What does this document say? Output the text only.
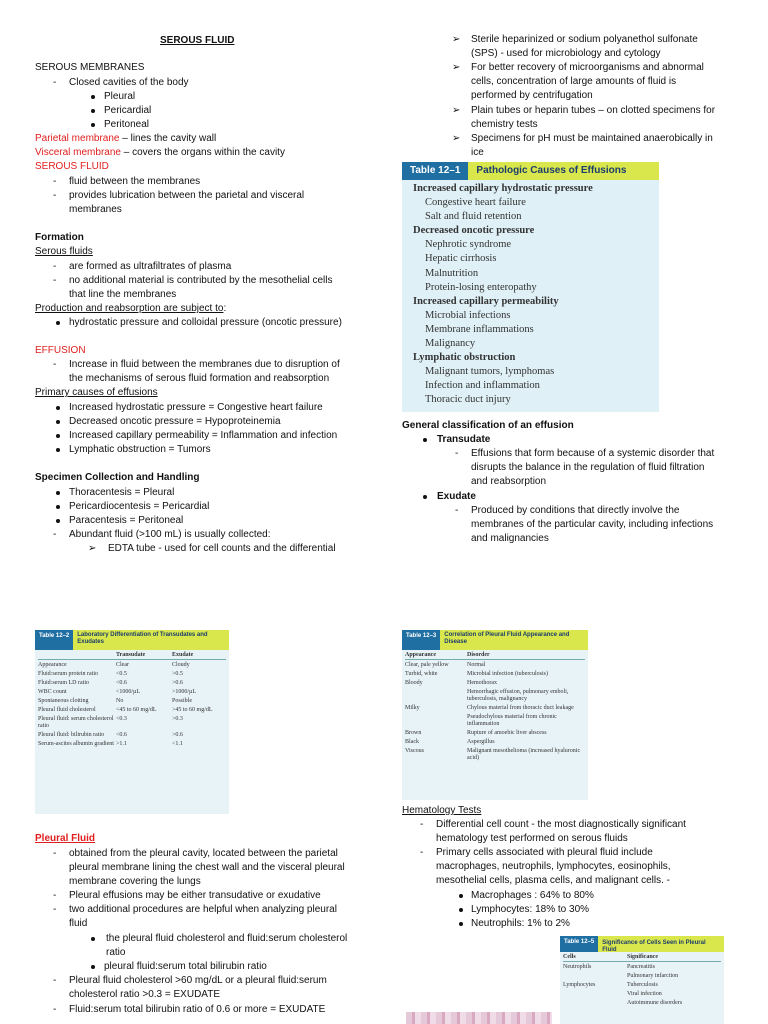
SEROUS FLUID
SEROUS MEMBRANES
- Closed cavities of the body
Pleural
Pericardial
Peritoneal
Parietal membrane – lines the cavity wall
Visceral membrane – covers the organs within the cavity
SEROUS FLUID
- fluid between the membranes
- provides lubrication between the parietal and visceral
membranes
Formation
Serous fluids
- are formed as ultrafiltrates of plasma
- no additional material is contributed by the mesothelial cells
that line the membranes
Production and reabsorption are subject to:
hydrostatic pressure and colloidal pressure (oncotic pressure)
EFFUSION
- Increase in fluid between the membranes due to disruption of
the mechanisms of serous fluid formation and reabsorption
Primary causes of effusions
Increased hydrostatic pressure = Congestive heart failure
Decreased oncotic pressure = Hypoproteinemia
Increased capillary permeability = Inflammation and infection
Lymphatic obstruction = Tumors
Specimen Collection and Handling
Thoracentesis = Pleural
Pericardiocentesis = Pericardial
Paracentesis = Peritoneal
- Abundant fluid (>100 mL) is usually collected:
➢ EDTA tube - used for cell counts and the differential
➢ Sterile heparinized or sodium polyanethol sulfonate
(SPS) - used for microbiology and cytology
➢ For better recovery of microorganisms and abnormal
cells, concentration of large amounts of fluid is
performed by centrifugation
➢ Plain tubes or heparin tubes – on clotted specimens for
chemistry tests
➢ Specimens for pH must be maintained anaerobically in
ice
Table 12–1	Pathologic Causes of Effusions
Increased capillary hydrostatic pressure
Congestive heart failure
Salt and fluid retention
Decreased oncotic pressure
Nephrotic syndrome
Hepatic cirrhosis
Malnutrition
Protein-losing enteropathy
Increased capillary permeability
Microbial infections
Membrane inflammations
Malignancy
Lymphatic obstruction
Malignant tumors, lymphomas
Infection and inflammation
Thoracic duct injury
General classification of an effusion
Transudate
- Effusions that form because of a systemic disorder that
disrupts the balance in the regulation of fluid filtration
and reabsorption
Exudate
- Produced by conditions that directly involve the
membranes of the particular cavity, including infections
and malignancies
Table 12–2	Laboratory Differentiation of Transudates and Exudates
Transudate	Exudate
Appearance	Clear	Cloudy
Fluid:serum protein ratio	<0.5	>0.5
Fluid:serum LD ratio	<0.6	>0.6
WBC count	<1000/µL	>1000/µL
Spontaneous clotting	No	Possible
Pleural fluid cholesterol	<45 to 60 mg/dL	>45 to 60 mg/dL
Pleural fluid: serum cholesterol ratio
<0.3	>0.3
Pleural fluid: bilirubin ratio	<0.6	>0.6
Serum-ascites albumin gradient >1.1	<1.1
Table 12–3	Correlation of Pleural Fluid Appearance and Disease
Appearance	Disorder
Clear, pale yellow	Normal
Turbid, white	Microbial infection (tuberculosis)
Bloody	Hemothorax
Hemorrhagic effusion, pulmonary emboli, tuberculosis, malignancy
Milky	Chylous material from thoracic duct leakage
Pseudochylous material from chronic inflammation
Brown	Rupture of amoebic liver abscess
Black	Aspergillus
Viscous	Malignant mesothelioma (increased hyaluronic acid)
Pleural Fluid
- obtained from the pleural cavity, located between the parietal
pleural membrane lining the chest wall and the visceral pleural
membrane covering the lungs
- Pleural effusions may be either transudative or exudative
- two additional procedures are helpful when analyzing pleural
fluid
the pleural fluid cholesterol and fluid:serum cholesterol
ratio
pleural fluid:serum total bilirubin ratio
- Pleural fluid cholesterol >60 mg/dL or a pleural fluid:serum
cholesterol ratio >0.3 = EXUDATE
- Fluid:serum total bilirubin ratio of 0.6 or more = EXUDATE
Hematology Tests
- Differential cell count - the most diagnostically significant
hematology test performed on serous fluids
- Primary cells associated with pleural fluid include
macrophages, neutrophils, lymphocytes, eosinophils,
mesothelial cells, plasma cells, and malignant cells. -
Macrophages : 64% to 80%
Lymphocytes: 18% to 30%
Neutrophils: 1% to 2%
Table 12–5	Significance of Cells Seen in Pleural Fluid
Cells	Significance
Neutrophils	Pancreatitis
Pulmonary infarction
Lymphocytes	Tuberculosis
Viral infection
Autoimmune disorders
